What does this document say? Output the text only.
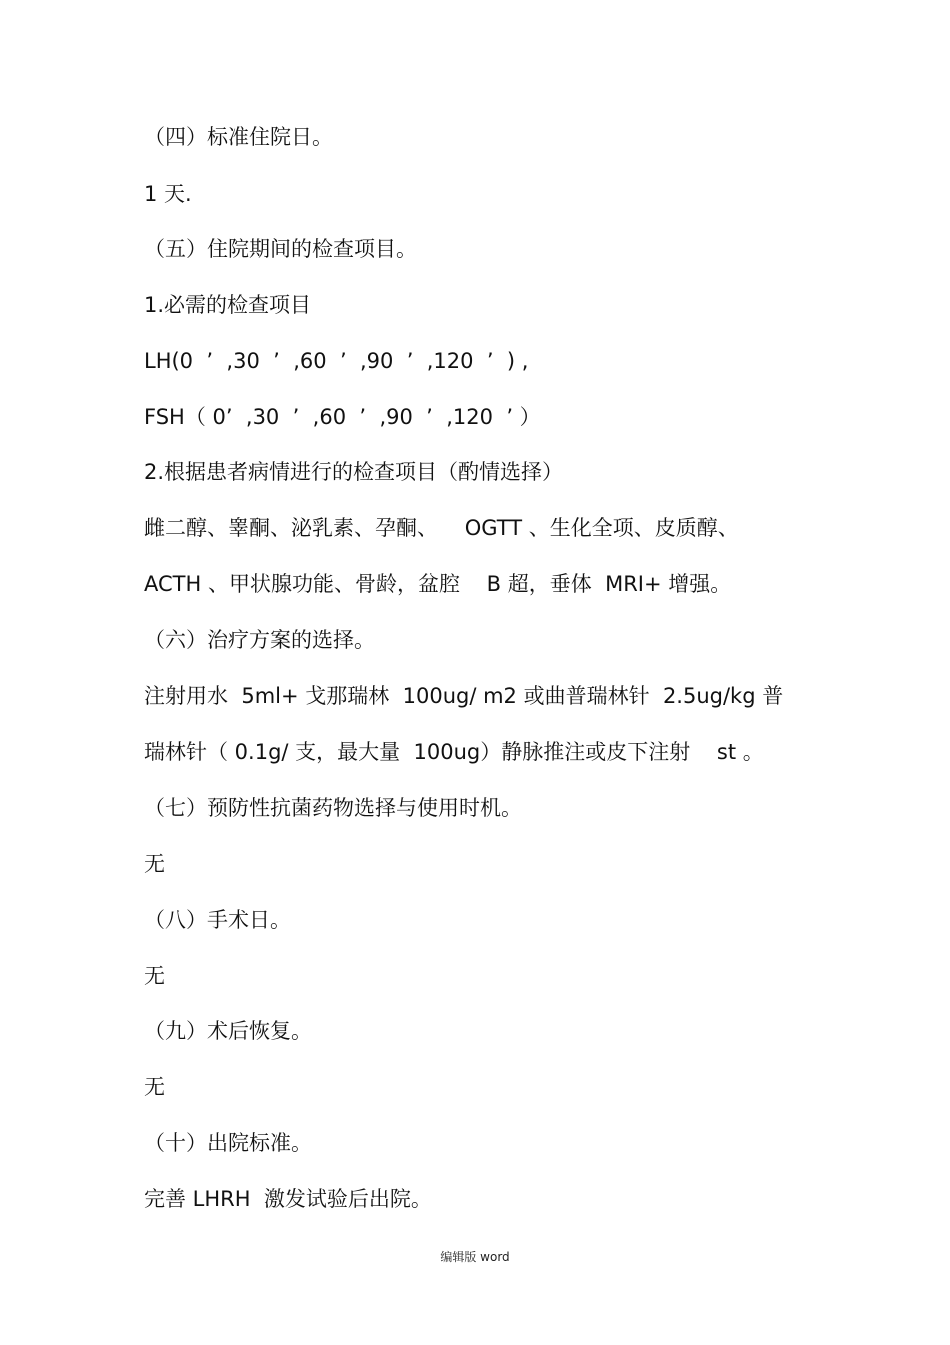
（四）标准住院日。
1 天.
（五）住院期间的检查项目。
1.必需的检查项目
LH(0  ’  ,30  ’  ,60  ’  ,90  ’  ,120  ’  ) ,
FSH（ 0’  ,30  ’  ,60  ’  ,90  ’  ,120  ’ ）
2.根据患者病情进行的检查项目（酌情选择）
雌二醇、睾酮、泌乳素、孕酮、    OGTT 、生化全项、皮质醇、
ACTH 、甲状腺功能、骨龄，盆腔    B 超，垂体  MRI+ 增强。
（六）治疗方案的选择。
注射用水  5ml+ 戈那瑞林  100ug/ m2 或曲普瑞林针  2.5ug/kg 普
瑞林针（ 0.1g/ 支，最大量  100ug）静脉推注或皮下注射    st 。
（七）预防性抗菌药物选择与使用时机。
无
（八）手术日。
无
（九）术后恢复。
无
（十）出院标准。
完善 LHRH  激发试验后出院。
编辑版 word
